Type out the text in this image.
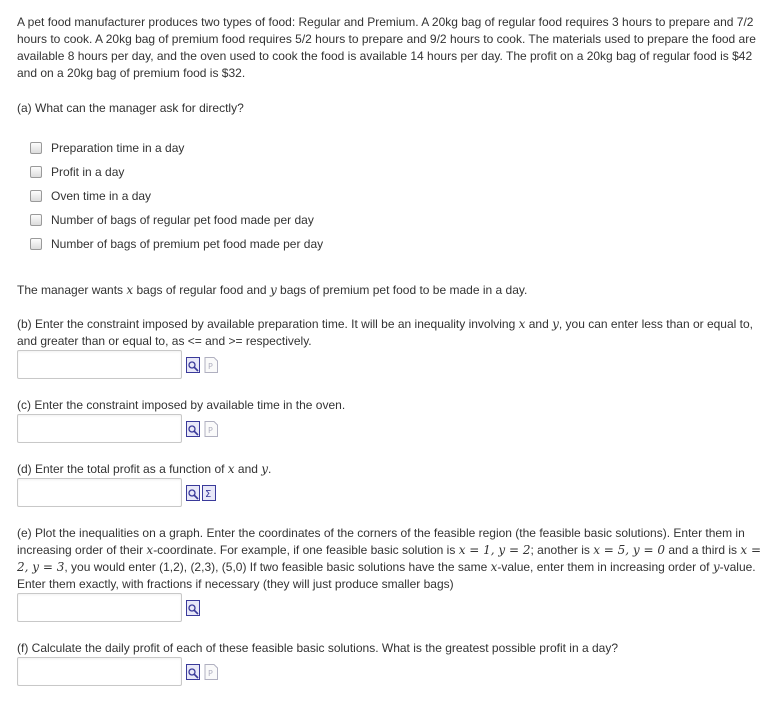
A pet food manufacturer produces two types of food: Regular and Premium. A 20kg bag of regular food requires 3 hours to prepare and 7/2 hours to cook. A 20kg bag of premium food requires 5/2 hours to prepare and 9/2 hours to cook. The materials used to prepare the food are available 8 hours per day, and the oven used to cook the food is available 14 hours per day. The profit on a 20kg bag of regular food is $42 and on a 20kg bag of premium food is $32.
(a) What can the manager ask for directly?
Preparation time in a day
Profit in a day
Oven time in a day
Number of bags of regular pet food made per day
Number of bags of premium pet food made per day
The manager wants x bags of regular food and y bags of premium pet food to be made in a day.
(b) Enter the constraint imposed by available preparation time. It will be an inequality involving x and y, you can enter less than or equal to, and greater than or equal to, as <= and >= respectively.
P
(c) Enter the constraint imposed by available time in the oven.
P
(d) Enter the total profit as a function of x and y.
Σ
(e) Plot the inequalities on a graph. Enter the coordinates of the corners of the feasible region (the feasible basic solutions). Enter them in increasing order of their x-coordinate. For example, if one feasible basic solution is x = 1, y = 2; another is x = 5, y = 0 and a third is x = 2, y = 3, you would enter (1,2), (2,3), (5,0) If two feasible basic solutions have the same x-value, enter them in increasing order of y-value. Enter them exactly, with fractions if necessary (they will just produce smaller bags)
(f) Calculate the daily profit of each of these feasible basic solutions. What is the greatest possible profit in a day?
P
